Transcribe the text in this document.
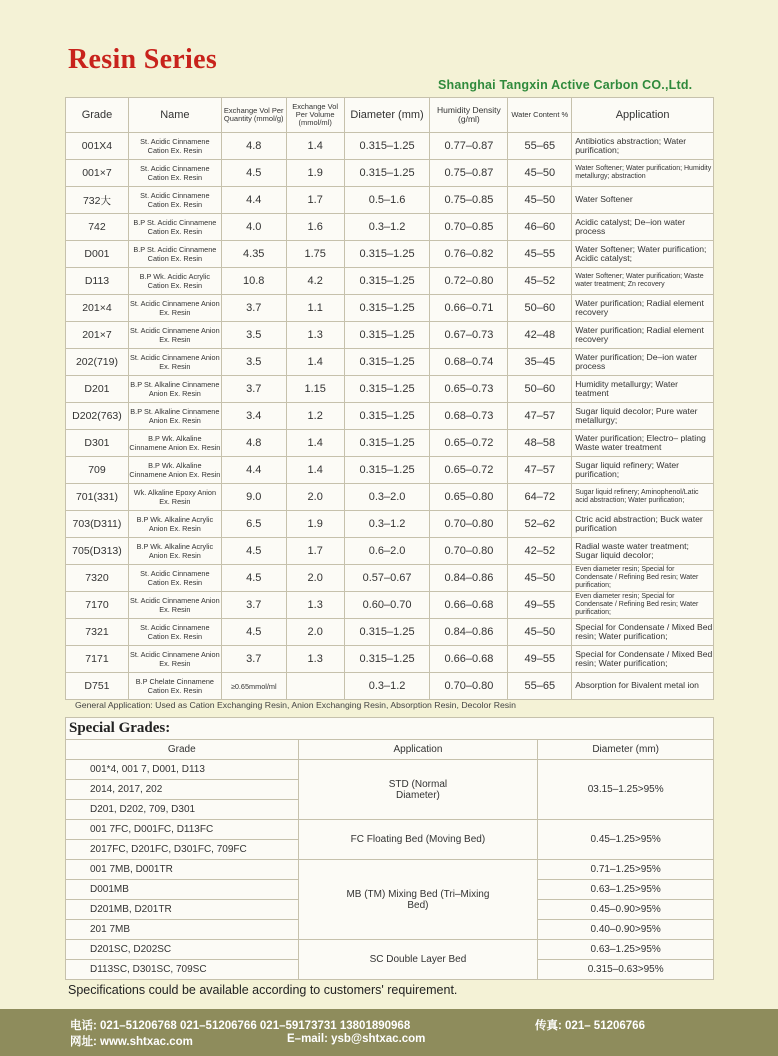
Resin Series
Shanghai Tangxin Active Carbon CO.,Ltd.
Grade	Name	Exchange Vol Per Quantity (mmol/g)	Exchange Vol Per Volume (mmol/ml)	Diameter (mm)	Humidity Density (g/ml)	Water Content %	Application
001X4	St. Acidic Cinnamene Cation Ex. Resin	4.8	1.4	0.315–1.25	0.77–0.87	55–65	Antibiotics abstraction; Water purification;
001×7	St. Acidic Cinnamene Cation Ex. Resin	4.5	1.9	0.315–1.25	0.75–0.87	45–50	Water Softener; Water purification; Humidity metallurgy; abstraction
732大	St. Acidic Cinnamene Cation Ex. Resin	4.4	1.7	0.5–1.6	0.75–0.85	45–50	Water Softener
742	B.P St. Acidic Cinnamene Cation Ex. Resin	4.0	1.6	0.3–1.2	0.70–0.85	46–60	Acidic catalyst; De–ion water process
D001	B.P St. Acidic Cinnamene Cation Ex. Resin	4.35	1.75	0.315–1.25	0.76–0.82	45–55	Water Softener; Water purification; Acidic catalyst;
D113	B.P Wk. Acidic Acrylic Cation Ex. Resin	10.8	4.2	0.315–1.25	0.72–0.80	45–52	Water Softener; Water purification; Waste water treatment; Zn recovery
201×4	St. Acidic Cinnamene Anion Ex. Resin	3.7	1.1	0.315–1.25	0.66–0.71	50–60	Water purification; Radial element recovery
201×7	St. Acidic Cinnamene Anion Ex. Resin	3.5	1.3	0.315–1.25	0.67–0.73	42–48	Water purification; Radial element recovery
202(719)	St. Acidic Cinnamene Anion Ex. Resin	3.5	1.4	0.315–1.25	0.68–0.74	35–45	Water purification; De–ion water process
D201	B.P St. Alkaline Cinnamene Anion Ex. Resin	3.7	1.15	0.315–1.25	0.65–0.73	50–60	Humidity metallurgy; Water teatment
D202(763)	B.P St. Alkaline Cinnamene Anion Ex. Resin	3.4	1.2	0.315–1.25	0.68–0.73	47–57	Sugar liquid decolor; Pure water metallurgy;
D301	B.P Wk. Alkaline Cinnamene Anion Ex. Resin	4.8	1.4	0.315–1.25	0.65–0.72	48–58	Water purification; Electro– plating Waste water treatment
709	B.P Wk. Alkaline Cinnamene Anion Ex. Resin	4.4	1.4	0.315–1.25	0.65–0.72	47–57	Sugar liquid refinery; Water purification;
701(331)	Wk. Alkaline Epoxy Anion Ex. Resin	9.0	2.0	0.3–2.0	0.65–0.80	64–72	Sugar liquid refinery; Aminophenol/Latic acid abstraction; Water purification;
703(D311)	B.P Wk. Alkaline Acrylic Anion Ex. Resin	6.5	1.9	0.3–1.2	0.70–0.80	52–62	Ctric acid abstraction; Buck water purification
705(D313)	B.P Wk. Alkaline Acrylic Anion Ex. Resin	4.5	1.7	0.6–2.0	0.70–0.80	42–52	Radial waste water treatment; Sugar liquid decolor;
7320	St. Acidic Cinnamene Cation Ex. Resin	4.5	2.0	0.57–0.67	0.84–0.86	45–50	Even diameter resin; Special for Condensate / Refining Bed resin; Water purification;
7170	St. Acidic Cinnamene Anion Ex. Resin	3.7	1.3	0.60–0.70	0.66–0.68	49–55	Even diameter resin; Special for Condensate / Refining Bed resin; Water purification;
7321	St. Acidic Cinnamene Cation Ex. Resin	4.5	2.0	0.315–1.25	0.84–0.86	45–50	Special for Condensate / Mixed Bed resin; Water purification;
7171	St. Acidic Cinnamene Anion Ex. Resin	3.7	1.3	0.315–1.25	0.66–0.68	49–55	Special for Condensate / Mixed Bed resin; Water purification;
D751	B.P Chelate Cinnamene Cation Ex. Resin	≥0.65mmol/ml		0.3–1.2	0.70–0.80	55–65	Absorption for Bivalent metal ion
General Application: Used as Cation Exchanging Resin, Anion Exchanging Resin, Absorption Resin, Decolor Resin
Special Grades:		
Grade	Application	Diameter (mm)
001*4, 001 7, D001, D113	STD (Normal Diameter)	03.15–1.25>95%
2014, 2017, 202		
D201, D202, 709, D301		
001 7FC, D001FC, D113FC	FC Floating Bed (Moving Bed)	0.45–1.25>95%
2017FC, D201FC, D301FC, 709FC		
001 7MB, D001TR	MB (TM) Mixing Bed (Tri–Mixing Bed)	0.71–1.25>95%
D001MB		0.63–1.25>95%
D201MB, D201TR		0.45–0.90>95%
201 7MB		0.40–0.90>95%
D201SC, D202SC	SC Double Layer Bed	0.63–1.25>95%
D113SC, D301SC, 709SC		0.315–0.63>95%
Specifications could be available according to customers' requirement.
电话: 021–51206768 021–51206766 021–59173731 13801890968	传真: 021– 51206766
网址: www.shtxac.com	E–mail: ysb@shtxac.com
